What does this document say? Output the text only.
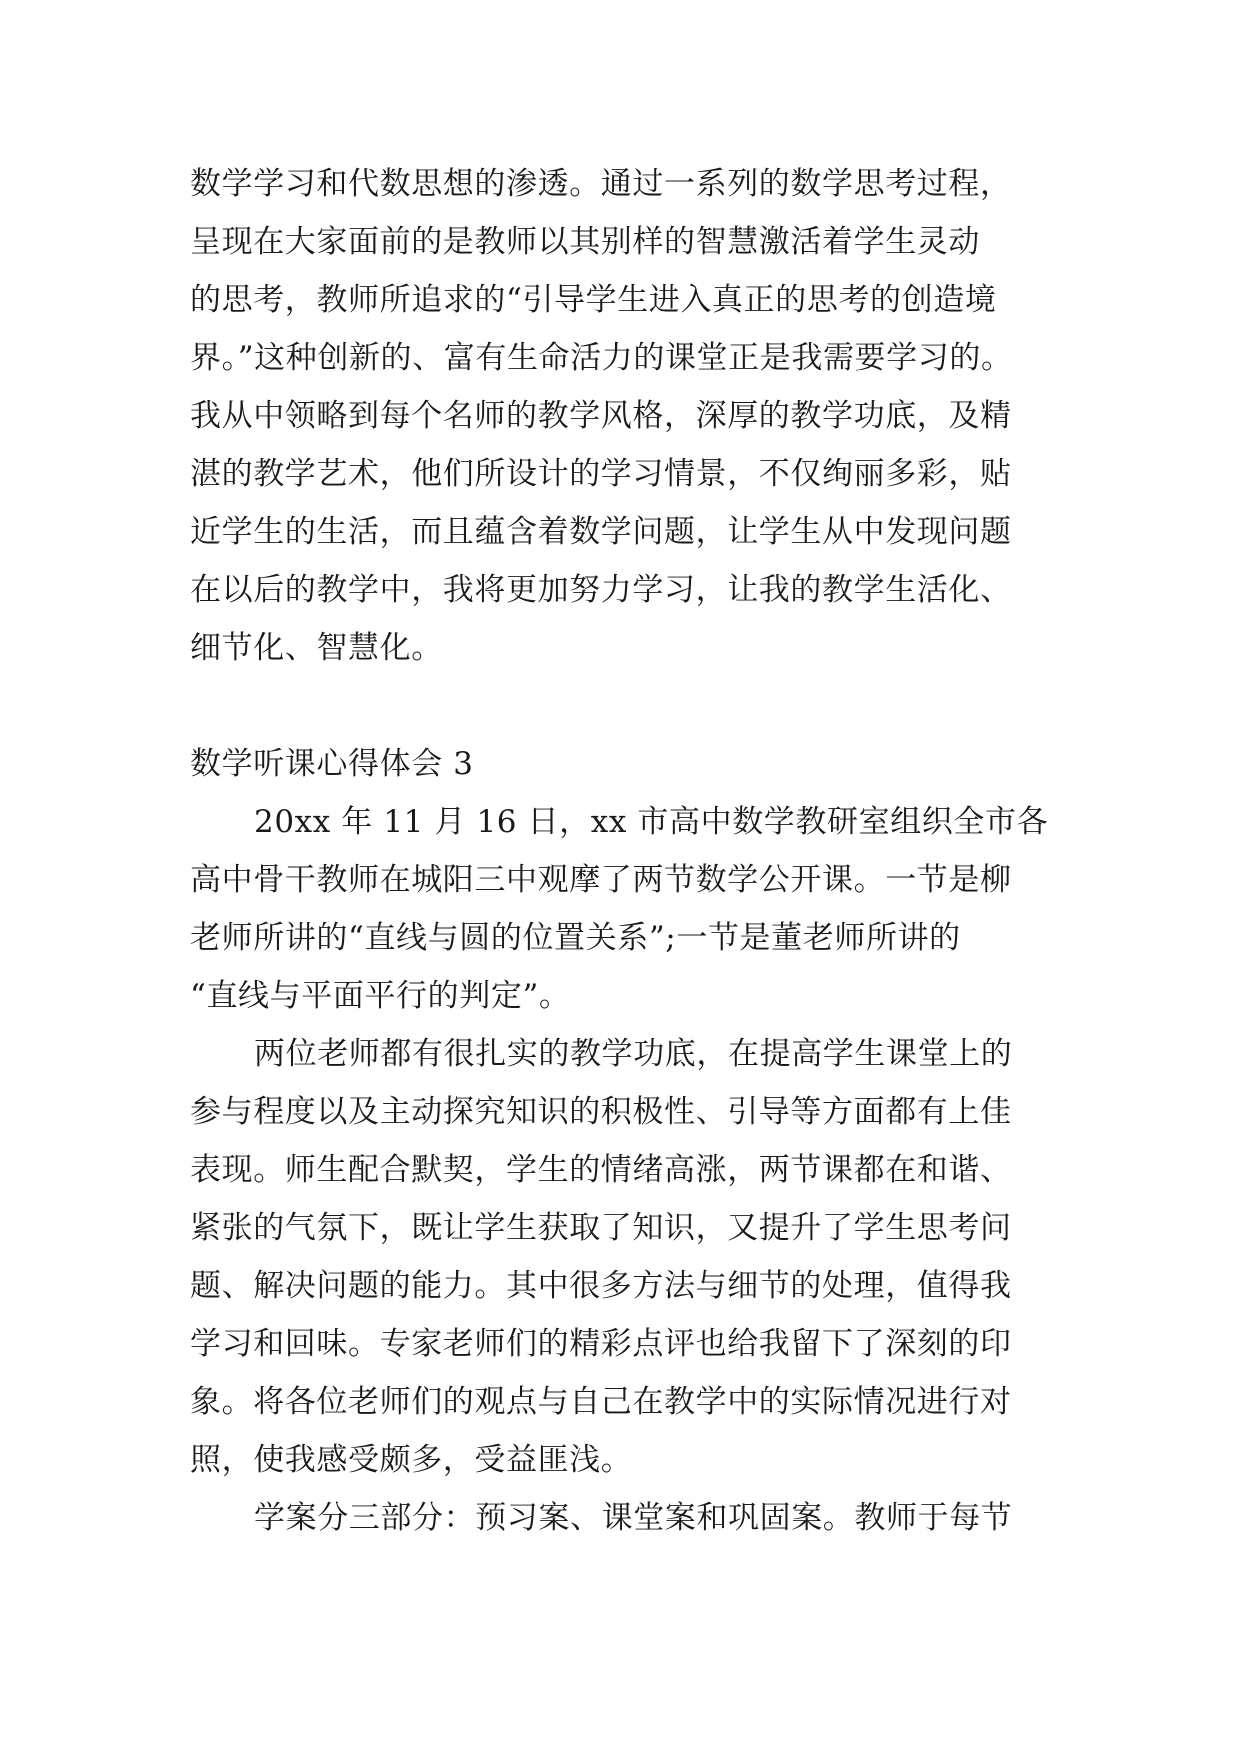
数学学习和代数思想的渗透。通过一系列的数学思考过程，
呈现在大家面前的是教师以其别样的智慧激活着学生灵动
的思考，教师所追求的“引导学生进入真正的思考的创造境
界。”这种创新的、富有生命活力的课堂正是我需要学习的。
我从中领略到每个名师的教学风格，深厚的教学功底，及精
湛的教学艺术，他们所设计的学习情景，不仅绚丽多彩，贴
近学生的生活，而且蕴含着数学问题，让学生从中发现问题
在以后的教学中，我将更加努力学习，让我的教学生活化、
细节化、智慧化。
数学听课心得体会 3
20xx 年 11 月 16 日，xx 市高中数学教研室组织全市各
高中骨干教师在城阳三中观摩了两节数学公开课。一节是柳
老师所讲的“直线与圆的位置关系”;一节是董老师所讲的
“直线与平面平行的判定”。
两位老师都有很扎实的教学功底，在提高学生课堂上的
参与程度以及主动探究知识的积极性、引导等方面都有上佳
表现。师生配合默契，学生的情绪高涨，两节课都在和谐、
紧张的气氛下，既让学生获取了知识，又提升了学生思考问
题、解决问题的能力。其中很多方法与细节的处理，值得我
学习和回味。专家老师们的精彩点评也给我留下了深刻的印
象。将各位老师们的观点与自己在教学中的实际情况进行对
照，使我感受颇多，受益匪浅。
学案分三部分：预习案、课堂案和巩固案。教师于每节
